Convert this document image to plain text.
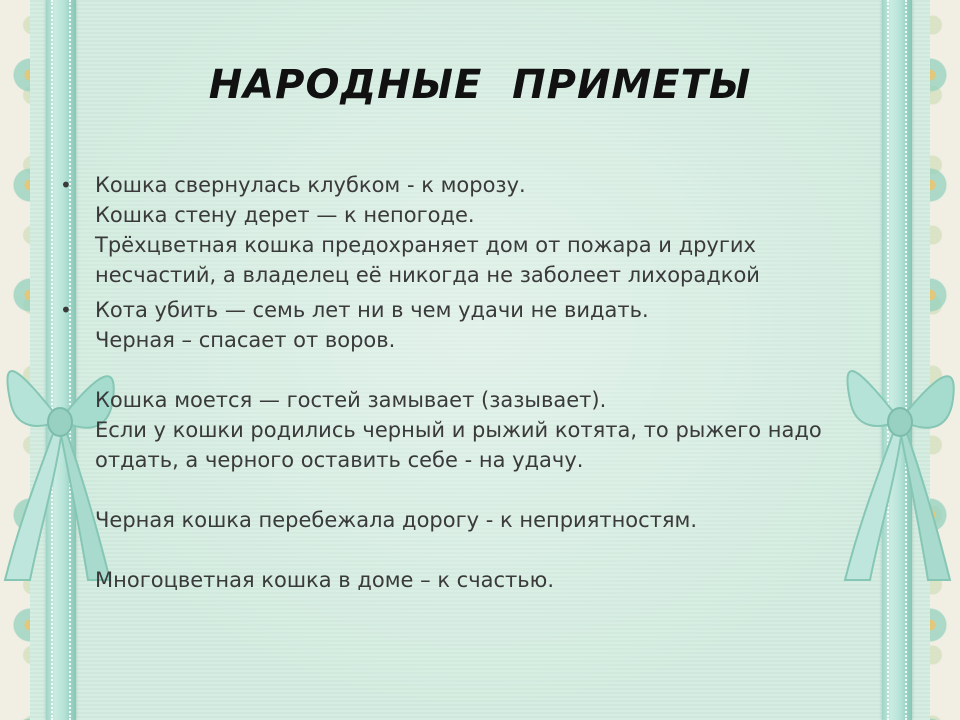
НАРОДНЫЕ  ПРИМЕТЫ
• Кошка свернулась клубком - к морозу.
Кошка стену дерет — к непогоде.
Трёхцветная кошка предохраняет дом от пожара и других
несчастий, а владелец её никогда не заболеет лихорадкой
• Кота убить — семь лет ни в чем удачи не видать.
Черная – спасает от воров.
Кошка моется — гостей замывает (зазывает).
Если у кошки родились черный и рыжий котята, то рыжего надо
отдать, а черного оставить себе - на удачу.
Черная кошка перебежала дорогу - к неприятностям.
Многоцветная кошка в доме – к счастью.
